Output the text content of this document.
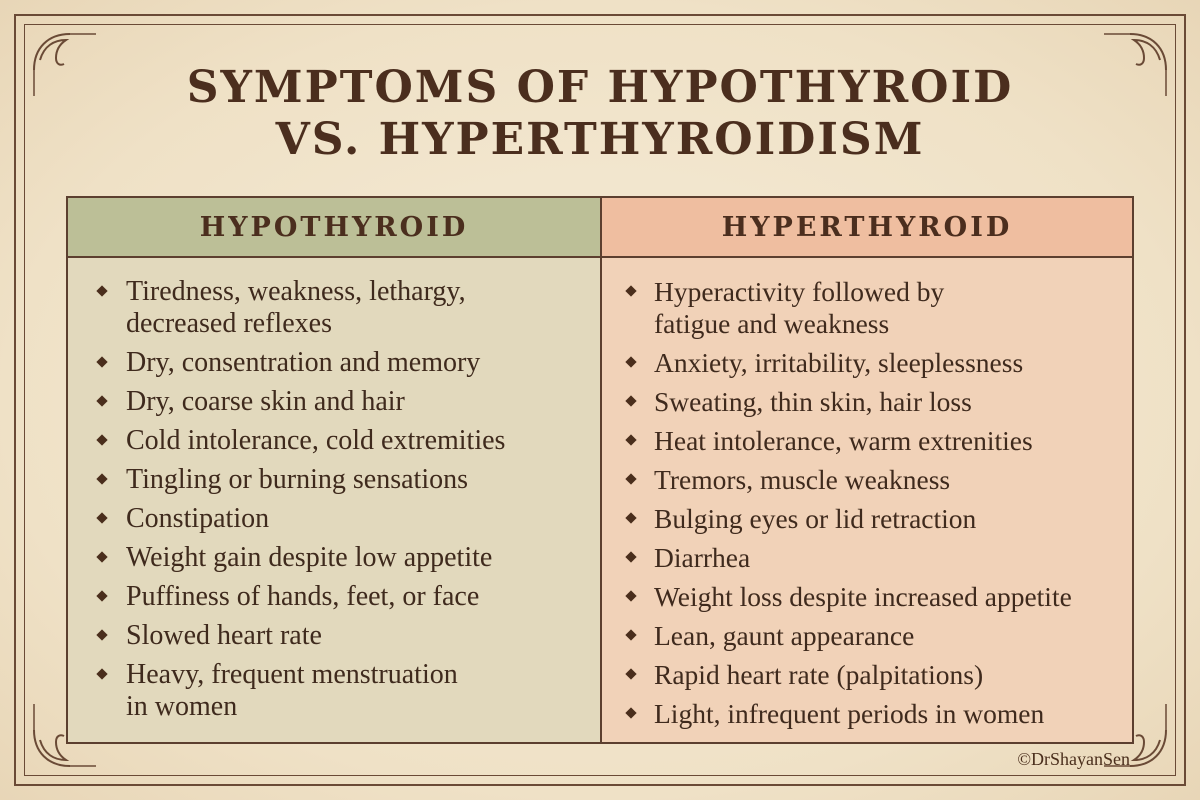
SYMPTOMS OF HYPOTHYROID
VS. HYPERTHYROIDISM
HYPOTHYROID
Tiredness, weakness, lethargy,
decreased reflexes
Dry, consentration and memory
Dry, coarse skin and hair
Cold intolerance, cold extremities
Tingling or burning sensations
Constipation
Weight gain despite low appetite
Puffiness of hands, feet, or face
Slowed heart rate
Heavy, frequent menstruation
in women
HYPERTHYROID
Hyperactivity followed by
fatigue and weakness
Anxiety, irritability, sleeplessness
Sweating, thin skin, hair loss
Heat intolerance, warm extrenities
Tremors, muscle weakness
Bulging eyes or lid retraction
Diarrhea
Weight loss despite increased appetite
Lean, gaunt appearance
Rapid heart rate (palpitations)
Light, infrequent periods in women
©DrShayanSen
